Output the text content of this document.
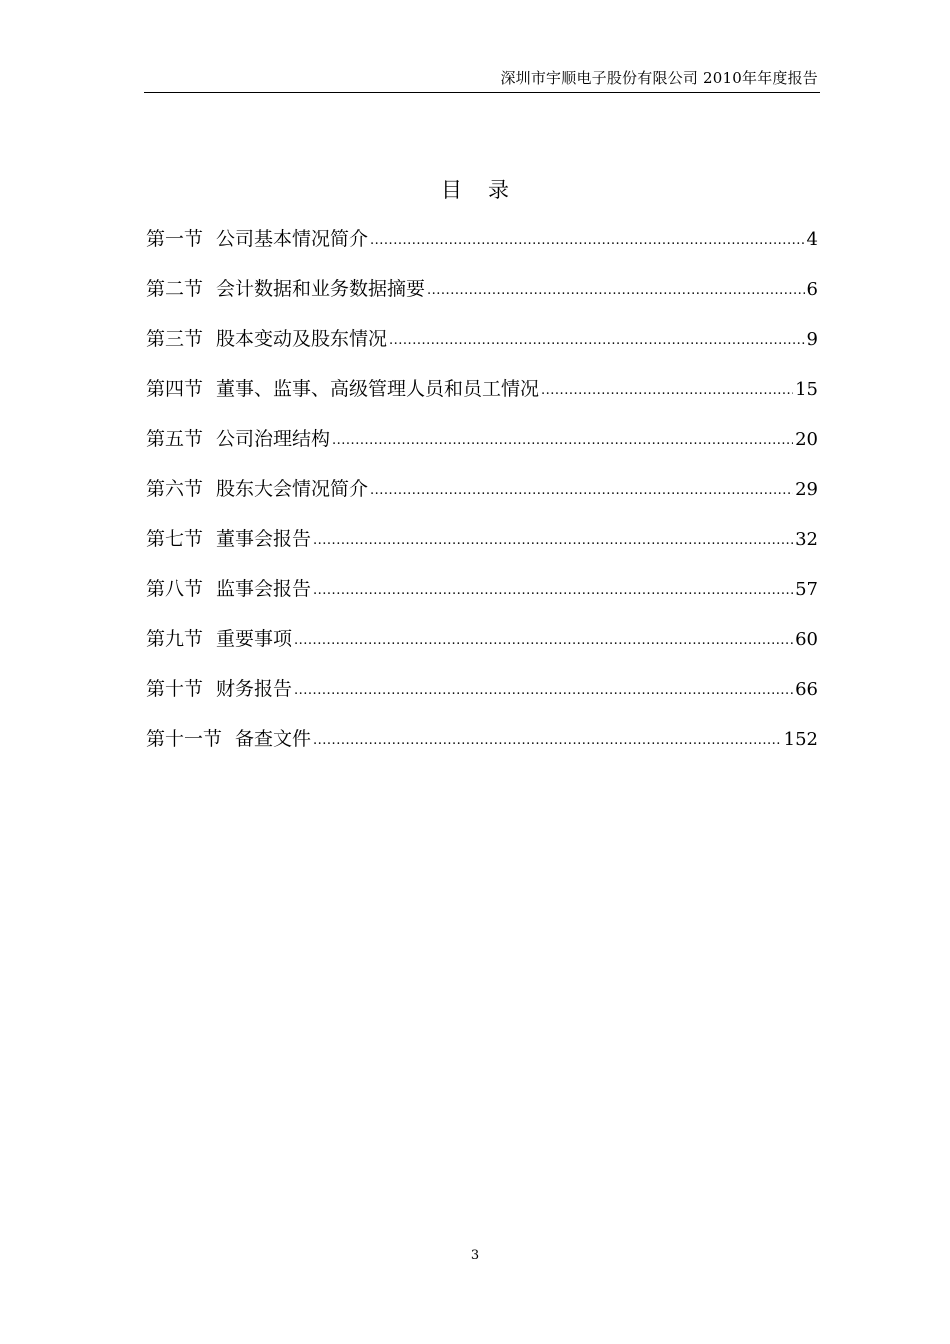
深圳市宇顺电子股份有限公司 2010年年度报告
目录
第一节 公司基本情况简介 .....	4
第二节 会计数据和业务数据摘要 .....	6
第三节 股本变动及股东情况 .....	9
第四节 董事、监事、高级管理人员和员工情况 .....	15
第五节 公司治理结构 .....	20
第六节 股东大会情况简介 .....	29
第七节 董事会报告 .....	32
第八节 监事会报告 .....	57
第九节 重要事项 .....	60
第十节 财务报告 .....	66
第十一节 备查文件 .....	152
3
